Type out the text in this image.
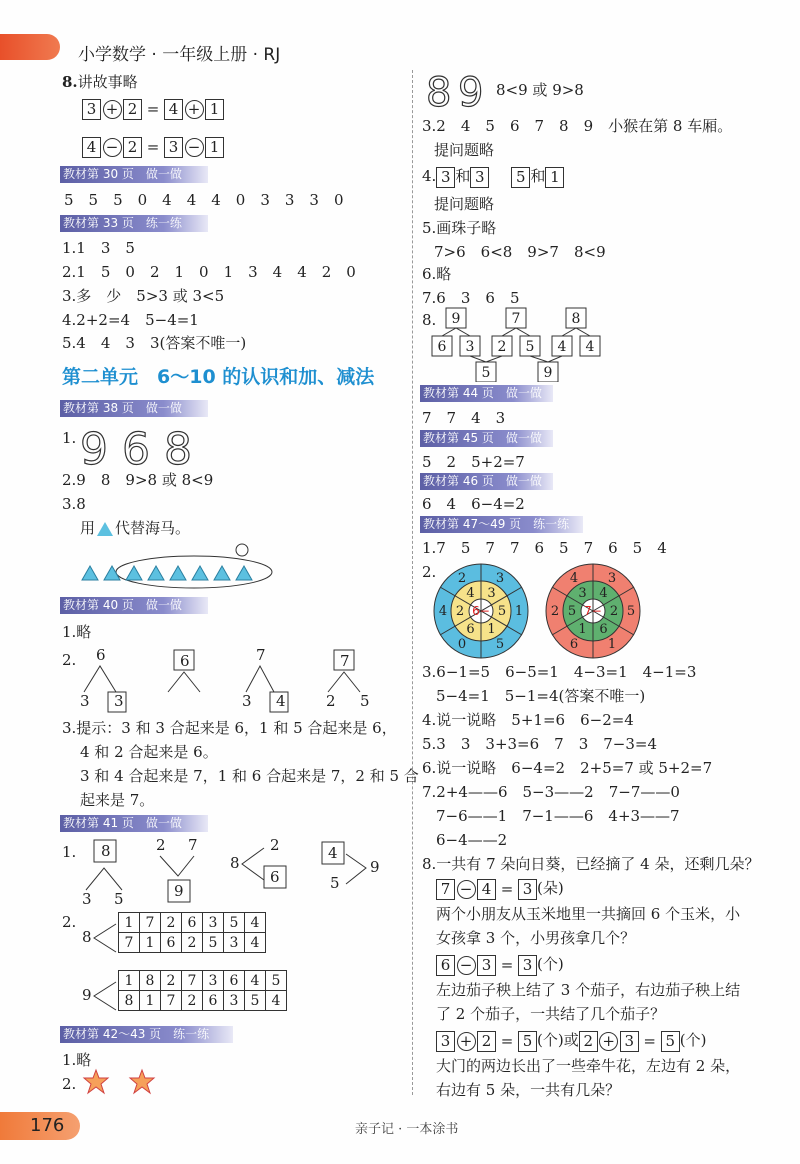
小学数学 · 一年级上册 · RJ
8.讲故事略
3 + 2 = 4 + 1
4 − 2 = 3 − 1
教材第 30 页　做一做
5　5　5　0　4　4　4　0　3　3　3　0
教材第 33 页　练一练
1.1　3　5
2.1　5　0　2　1　0　1　3　4　4　2　0
3.多　少　5>3 或 3<5
4.2+2=4　5−4=1
5.4　4　3　3(答案不唯一)
第二单元　6～10 的认识和加、减法
教材第 38 页　做一做
1. 9 6 8
2.9　8　9>8 或 8<9
3.8
用 代替海马。
教材第 40 页　做一做
1.略
2. 6
3 3
6	7
3 4
7
2 5
3.提示：3 和 3 合起来是 6，1 和 5 合起来是 6，
4 和 2 合起来是 6。
3 和 4 合起来是 7，1 和 6 合起来是 7，2 和 5 合
起来是 7。
教材第 41 页　做一做
1. 8
3 5
2 7
9
8
2
6
4
5
9
2.
8
1	7	2	6	3	5	4
7	1	6	2	5	3	4
9
1	8	2	7	3	6	4	5
8	1	7	2	6	3	5	4
教材第 42～43 页　练一练
1.略
2.
8 9 8<9 或 9>8
3.2　4　5　6　7　8　9　小猴在第 8 车厢。
提问题略
4. 3 和 3 5 和 1
提问题略
5.画珠子略
7>6　6<8　9>7　8<9
6.略
7.6　3　6　5
8. 9
6 3
7
2 5
8
4 4
5	9
教材第 44 页　做一做
7　7　4　3
教材第 45 页　做一做
5　2　5+2=7
教材第 46 页　做一做
6　4　6−4=2
教材第 47～49 页　练一练
1.7　5　7　7　6　5　7　6　5　4
2.
6−
3
1
5
0
4
2
3
5
1
6
2
4
7−
3
5
1
6
2
4
4
2
6
1
5
3
3.6−1=5　6−5=1　4−3=1　4−1=3
5−4=1　5−1=4(答案不唯一)
4.说一说略　5+1=6　6−2=4
5.3　3　3+3=6　7　3　7−3=4
6.说一说略　6−4=2　2+5=7 或 5+2=7
7.2+4——6　5−3——2　7−7——0
7−6——1　7−1——6　4+3——7
6−4——2
8.一共有 7 朵向日葵，已经摘了 4 朵，还剩几朵？
7 − 4 = 3 (朵)
两个小朋友从玉米地里一共摘回 6 个玉米，小
女孩拿 3 个，小男孩拿几个？
6 − 3 = 3 (个)
左边茄子秧上结了 3 个茄子，右边茄子秧上结
了 2 个茄子，一共结了几个茄子？
3 + 2 = 5 (个)或 2 + 3 = 5 (个)
大门的两边长出了一些牵牛花，左边有 2 朵，
右边有 5 朵，一共有几朵？
176	亲子记 · 一本涂书
